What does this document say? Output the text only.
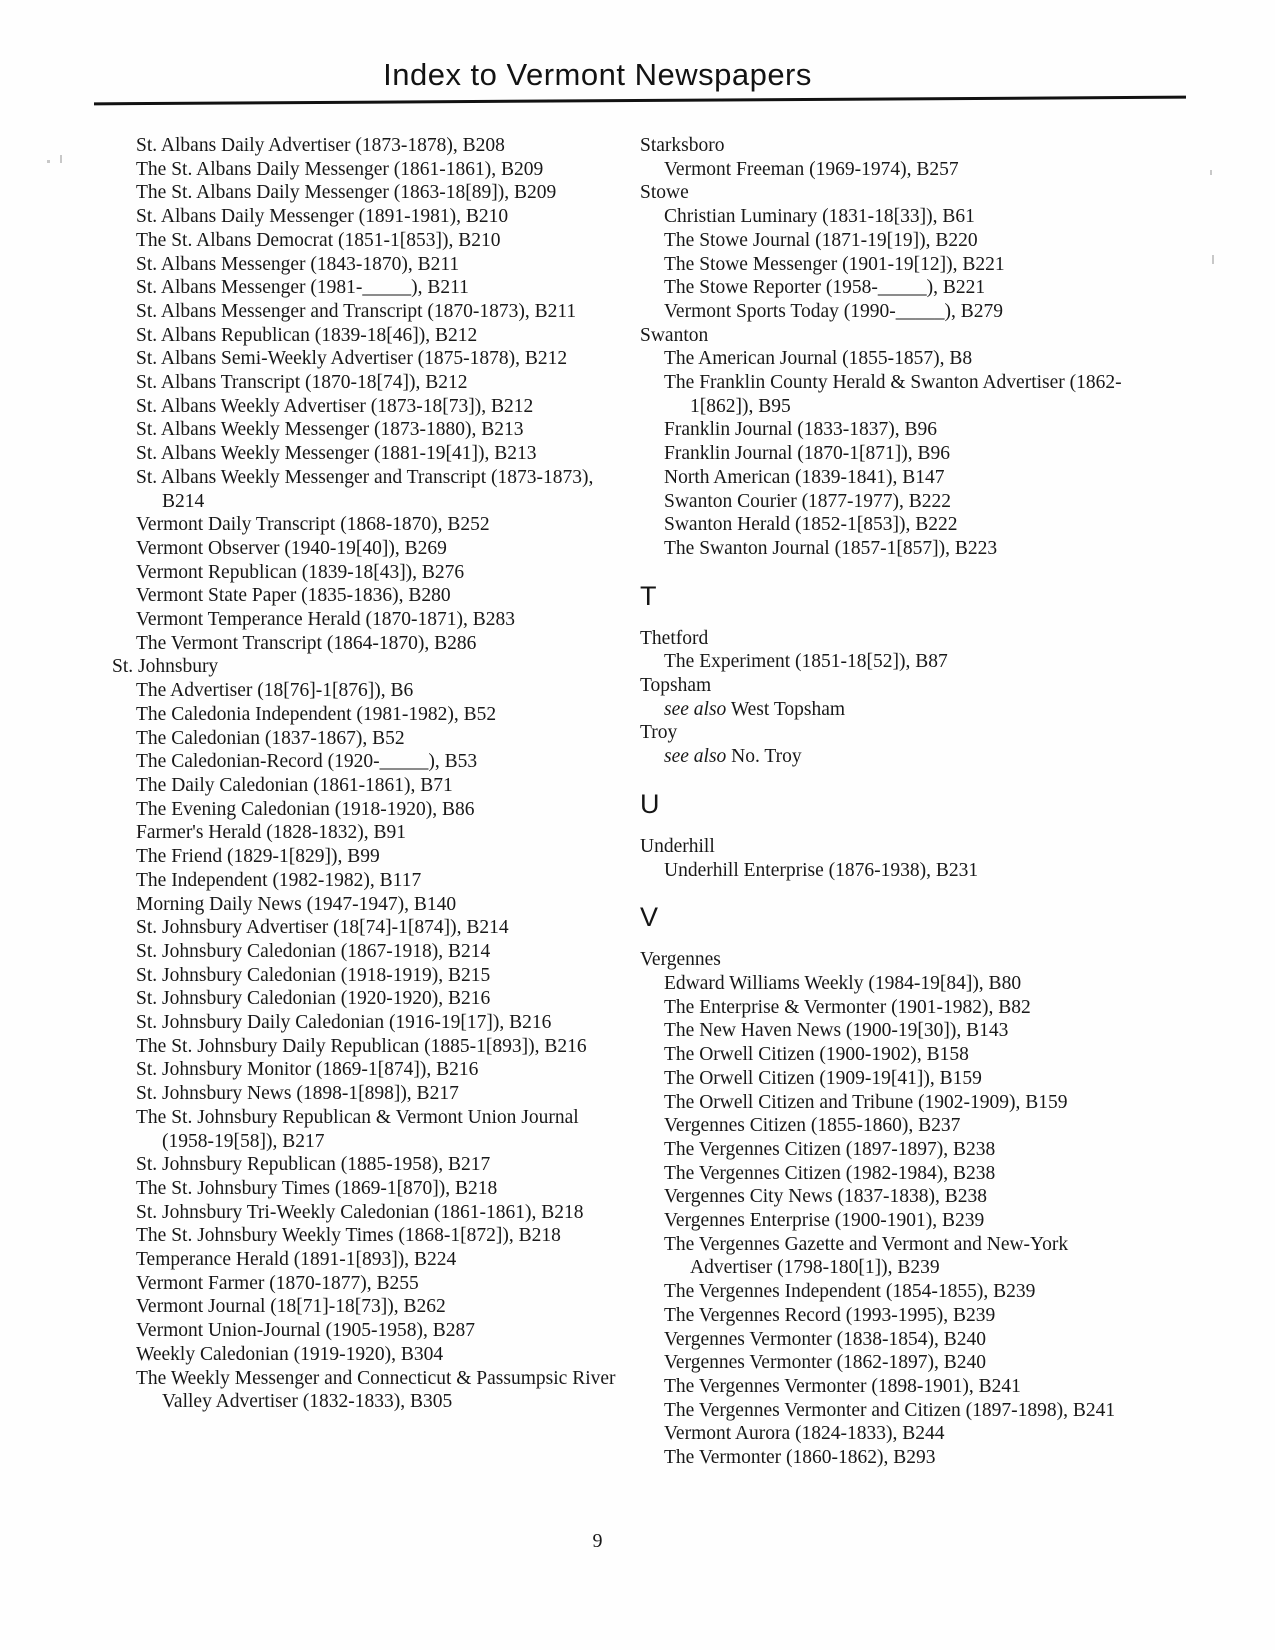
Index to Vermont Newspapers
St. Albans Daily Advertiser (1873-1878), B208
The St. Albans Daily Messenger (1861-1861), B209
The St. Albans Daily Messenger (1863-18[89]), B209
St. Albans Daily Messenger (1891-1981), B210
The St. Albans Democrat (1851-1[853]), B210
St. Albans Messenger (1843-1870), B211
St. Albans Messenger (1981-_____), B211
St. Albans Messenger and Transcript (1870-1873), B211
St. Albans Republican (1839-18[46]), B212
St. Albans Semi-Weekly Advertiser (1875-1878), B212
St. Albans Transcript (1870-18[74]), B212
St. Albans Weekly Advertiser (1873-18[73]), B212
St. Albans Weekly Messenger (1873-1880), B213
St. Albans Weekly Messenger (1881-19[41]), B213
St. Albans Weekly Messenger and Transcript (1873-1873), B214
Vermont Daily Transcript (1868-1870), B252
Vermont Observer (1940-19[40]), B269
Vermont Republican (1839-18[43]), B276
Vermont State Paper (1835-1836), B280
Vermont Temperance Herald (1870-1871), B283
The Vermont Transcript (1864-1870), B286
St. Johnsbury
The Advertiser (18[76]-1[876]), B6
The Caledonia Independent (1981-1982), B52
The Caledonian (1837-1867), B52
The Caledonian-Record (1920-_____), B53
The Daily Caledonian (1861-1861), B71
The Evening Caledonian (1918-1920), B86
Farmer's Herald (1828-1832), B91
The Friend (1829-1[829]), B99
The Independent (1982-1982), B117
Morning Daily News (1947-1947), B140
St. Johnsbury Advertiser (18[74]-1[874]), B214
St. Johnsbury Caledonian (1867-1918), B214
St. Johnsbury Caledonian (1918-1919), B215
St. Johnsbury Caledonian (1920-1920), B216
St. Johnsbury Daily Caledonian (1916-19[17]), B216
The St. Johnsbury Daily Republican (1885-1[893]), B216
St. Johnsbury Monitor (1869-1[874]), B216
St. Johnsbury News (1898-1[898]), B217
The St. Johnsbury Republican & Vermont Union Journal (1958-19[58]), B217
St. Johnsbury Republican (1885-1958), B217
The St. Johnsbury Times (1869-1[870]), B218
St. Johnsbury Tri-Weekly Caledonian (1861-1861), B218
The St. Johnsbury Weekly Times (1868-1[872]), B218
Temperance Herald (1891-1[893]), B224
Vermont Farmer (1870-1877), B255
Vermont Journal (18[71]-18[73]), B262
Vermont Union-Journal (1905-1958), B287
Weekly Caledonian (1919-1920), B304
The Weekly Messenger and Connecticut & Passumpsic River Valley Advertiser (1832-1833), B305
Starksboro
Vermont Freeman (1969-1974), B257
Stowe
Christian Luminary (1831-18[33]), B61
The Stowe Journal (1871-19[19]), B220
The Stowe Messenger (1901-19[12]), B221
The Stowe Reporter (1958-_____), B221
Vermont Sports Today (1990-_____), B279
Swanton
The American Journal (1855-1857), B8
The Franklin County Herald & Swanton Advertiser (1862-1[862]), B95
Franklin Journal (1833-1837), B96
Franklin Journal (1870-1[871]), B96
North American (1839-1841), B147
Swanton Courier (1877-1977), B222
Swanton Herald (1852-1[853]), B222
The Swanton Journal (1857-1[857]), B223
T
Thetford
The Experiment (1851-18[52]), B87
Topsham
see also West Topsham
Troy
see also No. Troy
U
Underhill
Underhill Enterprise (1876-1938), B231
V
Vergennes
Edward Williams Weekly (1984-19[84]), B80
The Enterprise & Vermonter (1901-1982), B82
The New Haven News (1900-19[30]), B143
The Orwell Citizen (1900-1902), B158
The Orwell Citizen (1909-19[41]), B159
The Orwell Citizen and Tribune (1902-1909), B159
Vergennes Citizen (1855-1860), B237
The Vergennes Citizen (1897-1897), B238
The Vergennes Citizen (1982-1984), B238
Vergennes City News (1837-1838), B238
Vergennes Enterprise (1900-1901), B239
The Vergennes Gazette and Vermont and New-York Advertiser (1798-180[1]), B239
The Vergennes Independent (1854-1855), B239
The Vergennes Record (1993-1995), B239
Vergennes Vermonter (1838-1854), B240
Vergennes Vermonter (1862-1897), B240
The Vergennes Vermonter (1898-1901), B241
The Vergennes Vermonter and Citizen (1897-1898), B241
Vermont Aurora (1824-1833), B244
The Vermonter (1860-1862), B293
9
